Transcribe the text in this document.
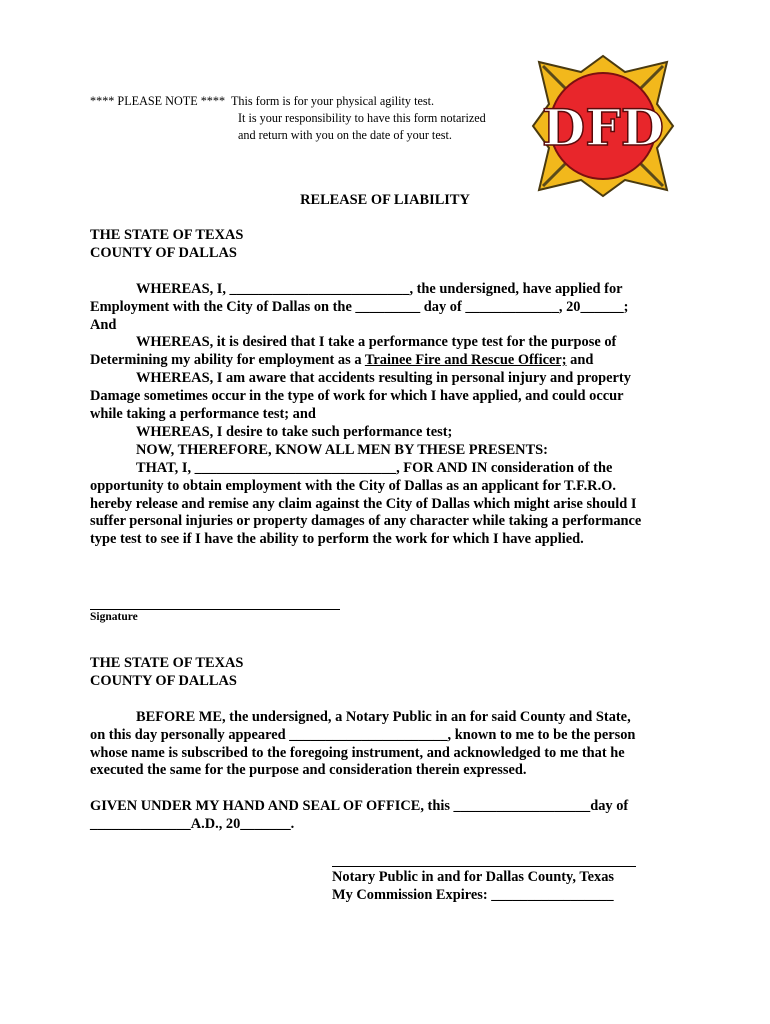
**** PLEASE NOTE **** This form is for your physical agility test.
It is your responsibility to have this form notarized
and return with you on the date of your test.	DFD
RELEASE OF LIABILITY
THE STATE OF TEXAS
COUNTY OF DALLAS
WHEREAS, I, _________________________, the undersigned, have applied for
Employment with the City of Dallas on the _________ day of _____________, 20______;
And
WHEREAS, it is desired that I take a performance type test for the purpose of
Determining my ability for employment as a Trainee Fire and Rescue Officer; and
WHEREAS, I am aware that accidents resulting in personal injury and property
Damage sometimes occur in the type of work for which I have applied, and could occur
while taking a performance test; and
WHEREAS, I desire to take such performance test;
NOW, THEREFORE, KNOW ALL MEN BY THESE PRESENTS:
THAT, I, ____________________________, FOR AND IN consideration of the
opportunity to obtain employment with the City of Dallas as an applicant for T.F.R.O.
hereby release and remise any claim against the City of Dallas which might arise should I
suffer personal injuries or property damages of any character while taking a performance
type test to see if I have the ability to perform the work for which I have applied.
Signature
THE STATE OF TEXAS
COUNTY OF DALLAS
BEFORE ME, the undersigned, a Notary Public in an for said County and State,
on this day personally appeared ______________________, known to me to be the person
whose name is subscribed to the foregoing instrument, and acknowledged to me that he
executed the same for the purpose and consideration therein expressed.
GIVEN UNDER MY HAND AND SEAL OF OFFICE, this ___________________day of
______________A.D., 20_______.
Notary Public in and for Dallas County, Texas
My Commission Expires: _________________
